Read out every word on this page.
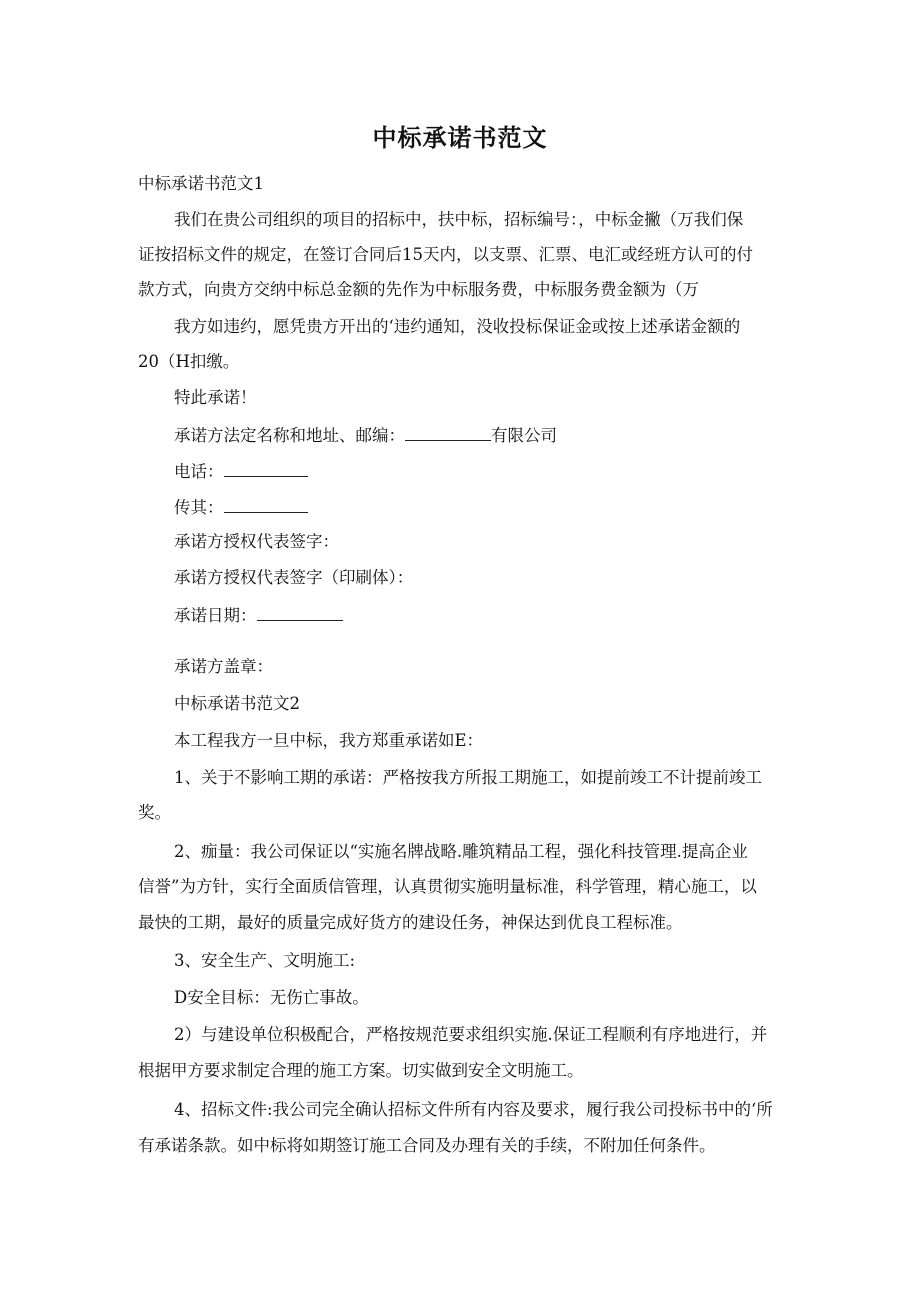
中标承诺书范文
中标承诺书范文1
我们在贵公司组织的项目的招标中，扶中标，招标编号：，中标金撇（万我们保
证按招标文件的规定，在签订合同后15天内，以支票、汇票、电汇或经班方认可的付
款方式，向贵方交纳中标总金额的先作为中标服务费，中标服务费金额为（万
我方如违约，愿凭贵方开出的‘违约通知，没收投标保证金或按上述承诺金额的
20（H扣缴。
特此承诺！
承诺方法定名称和地址、邮编：	有限公司
电话：
传其：
承诺方授权代表签字：
承诺方授权代表签字（印刷体）：
承诺日期：
承诺方盖章：
中标承诺书范文2
本工程我方一旦中标，我方郑重承诺如E：
1、关于不影响工期的承诺：严格按我方所报工期施工，如提前竣工不计提前竣工
奖。
2、痂量：我公司保证以“实施名牌战略.雕筑精品工程，强化科技管理.提高企业
信誉”为方针，实行全面质信管理，认真贯彻实施明量标准，科学管理，精心施工，以
最快的工期，最好的质量完成好货方的建设任务，神保达到优良工程标准。
3、安全生产、文明施工:
D安全目标：无伤亡事故。
2）与建设单位积极配合，严格按规范要求组织实施.保证工程顺利有序地进行，并
根据甲方要求制定合理的施工方案。切实做到安全文明施工。
4、招标文件:我公司完全确认招标文件所有内容及要求，履行我公司投标书中的‘所
有承诺条款。如中标将如期签订施工合同及办理有关的手续，不附加任何条件。
